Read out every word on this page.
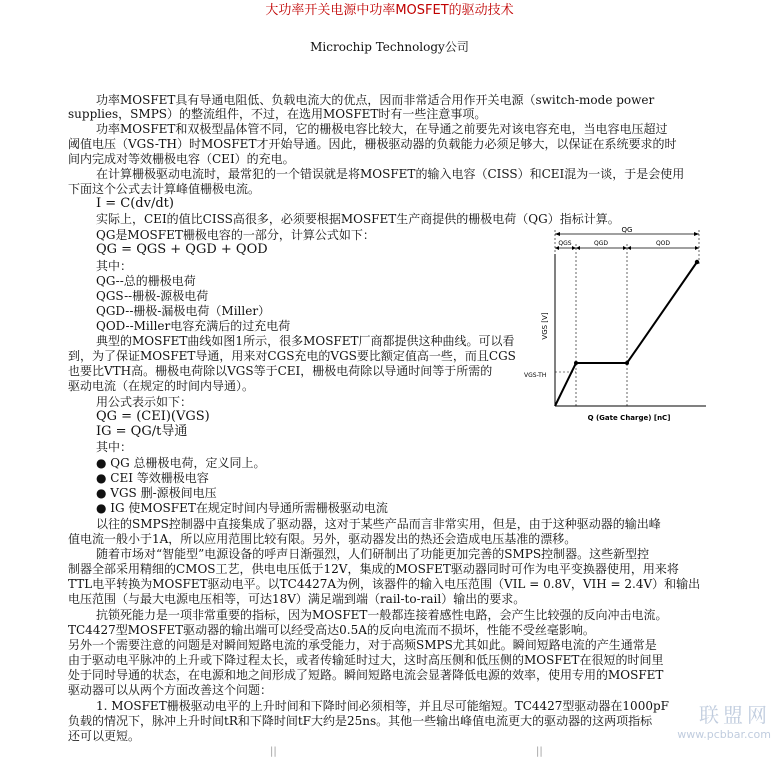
大功率开关电源中功率MOSFET的驱动技术
Microchip Technology公司
功率MOSFET具有导通电阻低、负载电流大的优点，因而非常适合用作开关电源（switch-mode power
supplies，SMPS）的整流组件，不过，在选用MOSFET时有一些注意事项。
功率MOSFET和双极型晶体管不同，它的栅极电容比较大，在导通之前要先对该电容充电，当电容电压超过
阈值电压（VGS-TH）时MOSFET才开始导通。因此，栅极驱动器的负载能力必须足够大，以保证在系统要求的时
间内完成对等效栅极电容（CEI）的充电。
在计算栅极驱动电流时，最常犯的一个错误就是将MOSFET的输入电容（CISS）和CEI混为一谈，于是会使用
下面这个公式去计算峰值栅极电流。
I = C(dv/dt)
实际上，CEI的值比CISS高很多，必须要根据MOSFET生产商提供的栅极电荷（QG）指标计算。
QG是MOSFET栅极电容的一部分，计算公式如下：
QG = QGS + QGD + QOD
其中：
QG--总的栅极电荷
QGS--栅极-源极电荷
QGD--栅极-漏极电荷（Miller）
QOD--Miller电容充满后的过充电荷
典型的MOSFET曲线如图1所示，很多MOSFET厂商都提供这种曲线。可以看
到，为了保证MOSFET导通，用来对CGS充电的VGS要比额定值高一些，而且CGS
也要比VTH高。栅极电荷除以VGS等于CEI，栅极电荷除以导通时间等于所需的
驱动电流（在规定的时间内导通）。
用公式表示如下：
QG = (CEI)(VGS)
IG = QG/t导通
其中：
● QG 总栅极电荷，定义同上。
● CEI 等效栅极电容
● VGS 删-源极间电压
● IG 使MOSFET在规定时间内导通所需栅极驱动电流
以往的SMPS控制器中直接集成了驱动器，这对于某些产品而言非常实用，但是，由于这种驱动器的输出峰
值电流一般小于1A，所以应用范围比较有限。另外，驱动器发出的热还会造成电压基准的漂移。
随着市场对“智能型”电源设备的呼声日渐强烈，人们研制出了功能更加完善的SMPS控制器。这些新型控
制器全部采用精细的CMOS工艺，供电电压低于12V，集成的MOSFET驱动器同时可作为电平变换器使用，用来将
TTL电平转换为MOSFET驱动电平。以TC4427A为例，该器件的输入电压范围（VIL = 0.8V，VIH = 2.4V）和输出
电压范围（与最大电源电压相等，可达18V）满足端到端（rail-to-rail）输出的要求。
抗锁死能力是一项非常重要的指标，因为MOSFET一般都连接着感性电路，会产生比较强的反向冲击电流。
TC4427型MOSFET驱动器的输出端可以经受高达0.5A的反向电流而不损坏，性能不受丝毫影响。
另外一个需要注意的问题是对瞬间短路电流的承受能力，对于高频SMPS尤其如此。瞬间短路电流的产生通常是
由于驱动电平脉冲的上升或下降过程太长，或者传输延时过大，这时高压侧和低压侧的MOSFET在很短的时间里
处于同时导通的状态，在电源和地之间形成了短路。瞬间短路电流会显著降低电源的效率，使用专用的MOSFET
驱动器可以从两个方面改善这个问题：
1. MOSFET栅极驱动电平的上升时间和下降时间必须相等，并且尽可能缩短。TC4427型驱动器在1000pF
负载的情况下，脉冲上升时间tR和下降时间tF大约是25ns。其他一些输出峰值电流更大的驱动器的这两项指标
还可以更短。
QG
QGS	QGD	QOD
VGS [V]
VGS-TH
Q (Gate Charge) [nC]
联盟网
www.pcbbar.com
||	||
